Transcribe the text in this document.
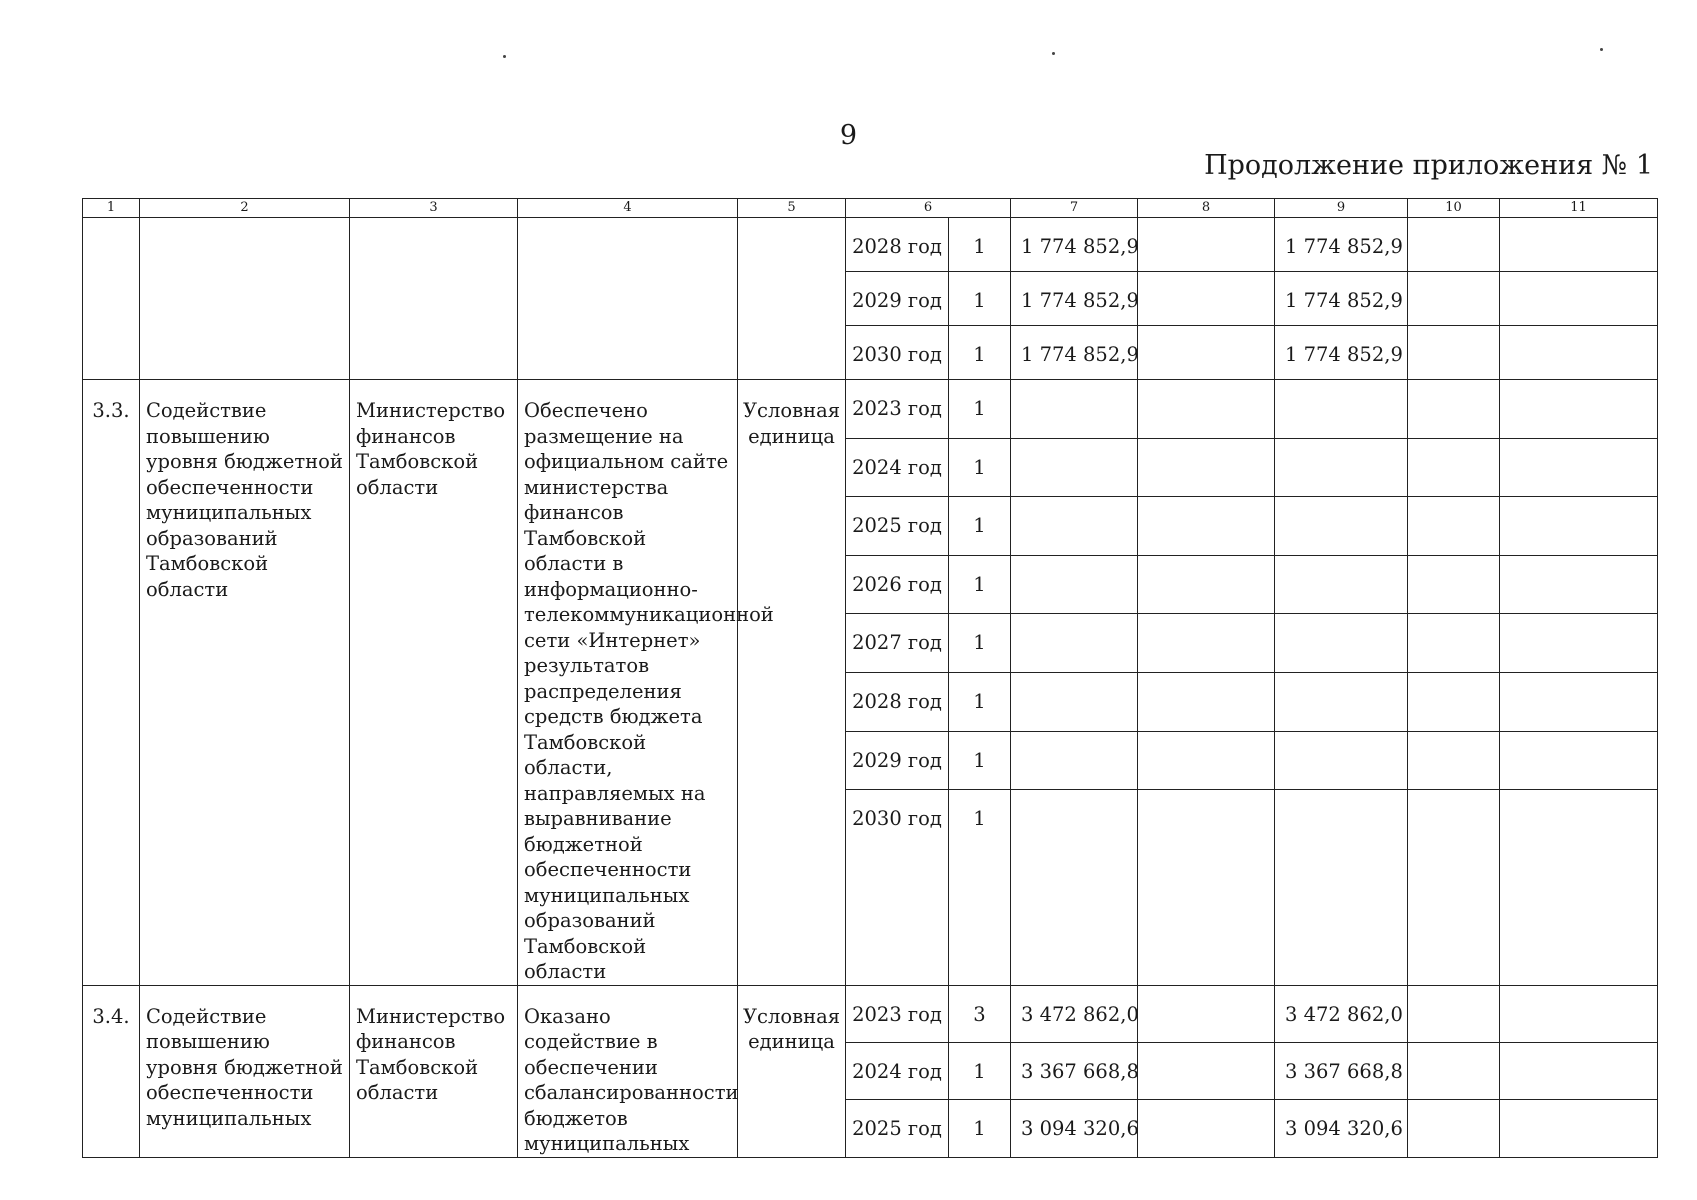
9
Продолжение приложения № 1
1	2	3	4	5	6		7	8	9	10	11
					2028 год	1	1 774 852,9		1 774 852,9		
					2029 год	1	1 774 852,9		1 774 852,9		
					2030 год	1	1 774 852,9		1 774 852,9		
3.3.	Содействие повышению уровня бюджетной обеспеченности муниципальных образований Тамбовской области	Министерство финансов Тамбовской области	Обеспечено размещение на официальном сайте министерства финансов Тамбовской области в информационно-телекоммуникационной сети «Интернет» результатов распределения средств бюджета Тамбовской области, направляемых на выравнивание бюджетной обеспеченности муниципальных образований Тамбовской области	Условная единица	2023 год	1					
					2024 год	1					
					2025 год	1					
					2026 год	1					
					2027 год	1					
					2028 год	1					
					2029 год	1					
					2030 год	1					
3.4.	Содействие повышению уровня бюджетной обеспеченности муниципальных	Министерство финансов Тамбовской области	Оказано содействие в обеспечении сбалансированности бюджетов муниципальных	Условная единица	2023 год	3	3 472 862,0		3 472 862,0		
					2024 год	1	3 367 668,8		3 367 668,8		
					2025 год	1	3 094 320,6		3 094 320,6		
